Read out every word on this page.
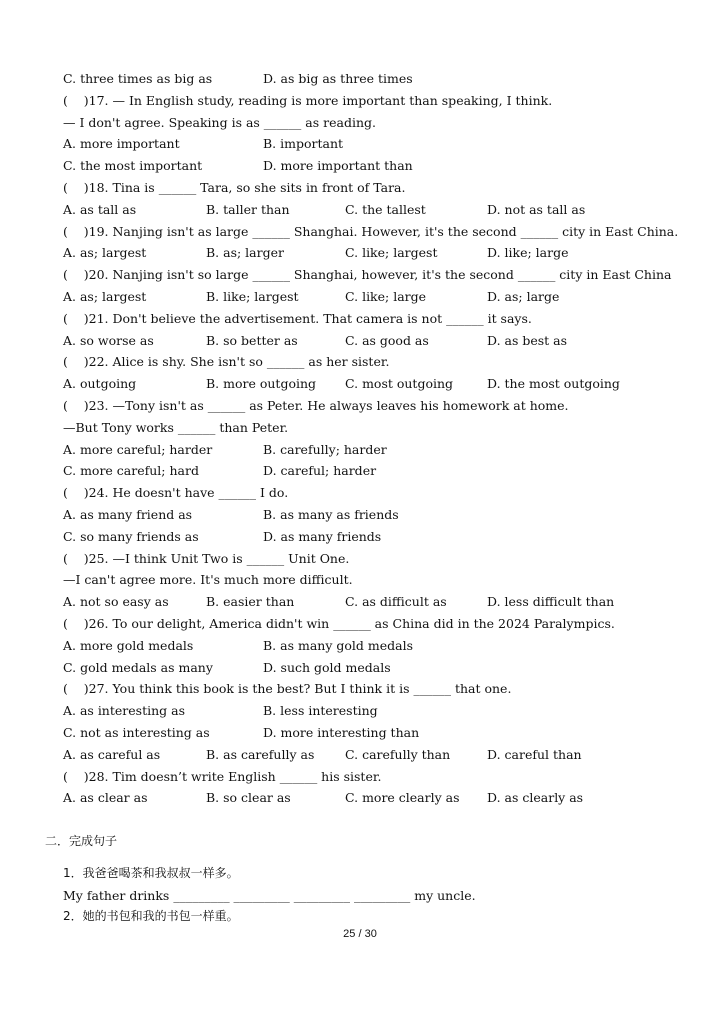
C. three times as big as	D. as big as three times
(    )17. — In English study, reading is more important than speaking, I think.
— I don't agree. Speaking is as ______ as reading.
A. more important	B. important
C. the most important	D. more important than
(    )18. Tina is ______ Tara, so she sits in front of Tara.
A. as tall as	B. taller than	C. the tallest	D. not as tall as
(    )19. Nanjing isn't as large ______ Shanghai. However, it's the second ______ city in East China.
A. as; largest	B. as; larger	C. like; largest	D. like; large
(    )20. Nanjing isn't so large ______ Shanghai, however, it's the second ______ city in East China
A. as; largest	B. like; largest	C. like; large	D. as; large
(    )21. Don't believe the advertisement. That camera is not ______ it says.
A. so worse as	B. so better as	C. as good as	D. as best as
(    )22. Alice is shy. She isn't so ______ as her sister.
A. outgoing	B. more outgoing C. most outgoing	D. the most outgoing
(    )23. —Tony isn't as ______ as Peter. He always leaves his homework at home.
—But Tony works ______ than Peter.
A. more careful; harder	B. carefully; harder
C. more careful; hard	D. careful; harder
(    )24. He doesn't have ______ I do.
A. as many friend as	B. as many as friends
C. so many friends as	D. as many friends
(    )25. —I think Unit Two is ______ Unit One.
—I can't agree more. It's much more difficult.
A. not so easy as	B. easier than	C. as difficult as	D. less difficult than
(    )26. To our delight, America didn't win ______ as China did in the 2024 Paralympics.
A. more gold medals	B. as many gold medals
C. gold medals as many	D. such gold medals
(    )27. You think this book is the best? But I think it is ______ that one.
A. as interesting as	B. less interesting
C. not as interesting as	D. more interesting than
A. as careful as	B. as carefully as C. carefully than	D. careful than
(    )28. Tim doesn’t write English ______ his sister.
A. as clear as	B. so clear as	C. more clearly as D. as clearly as
二．完成句子
1．我爸爸喝茶和我叔叔一样多。
My father drinks _________ _________ _________ _________ my uncle.
2．她的书包和我的书包一样重。
25 / 30
